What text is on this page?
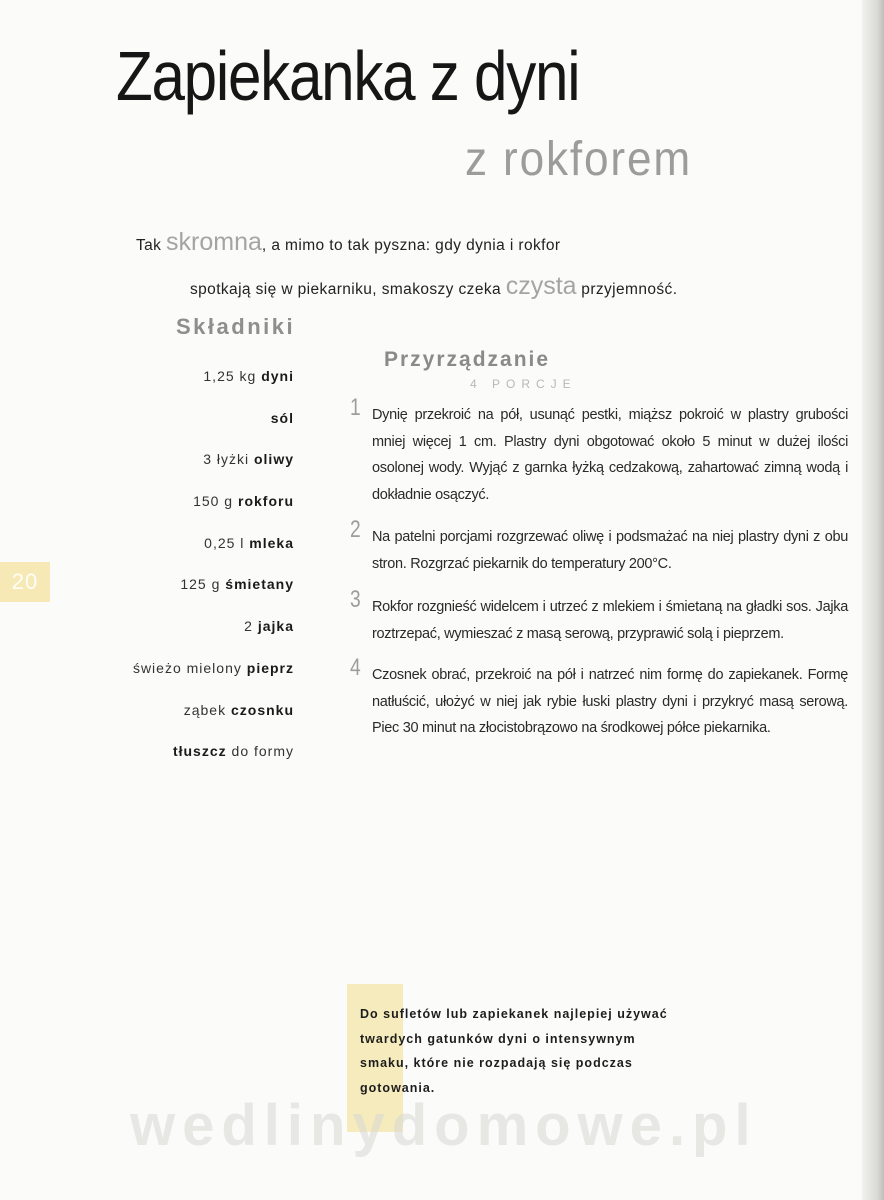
Zapiekanka z dyni
z rokforem
Tak skromna, a mimo to tak pyszna: gdy dynia i rokfor
spotkają się w piekarniku, smakoszy czeka czysta przyjemność.
Składniki
1,25 kg dyni
sól
3 łyżki oliwy
150 g rokforu
0,25 l mleka
125 g śmietany
2 jajka
świeżo mielony pieprz
ząbek czosnku
tłuszcz do formy
20
Przyrządzanie
4 PORCJE
1 Dynię przekroić na pół, usunąć pestki, miąższ pokroić w plastry grubości mniej więcej 1 cm. Plastry dyni obgotować około 5 minut w dużej ilości osolonej wody. Wyjąć z garnka łyżką cedzakową, zahartować zimną wodą i dokładnie osączyć.

2 Na patelni porcjami rozgrzewać oliwę i podsmażać na niej plastry dyni z obu stron. Rozgrzać piekarnik do temperatury 200°C.

3 Rokfor rozgnieść widelcem i utrzeć z mlekiem i śmietaną na gładki sos. Jajka roztrzepać, wymieszać z masą serową, przyprawić solą i pieprzem.

4 Czosnek obrać, przekroić na pół i natrzeć nim formę do zapiekanek. Formę natłuścić, ułożyć w niej jak rybie łuski plastry dyni i przykryć masą serową. Piec 30 minut na złocistobrązowo na środkowej półce piekarnika.

Do sufletów lub zapiekanek najlepiej używać twardych gatunków dyni o intensywnym smaku, które nie rozpadają się podczas gotowania.

wedlinydomowe.pl
